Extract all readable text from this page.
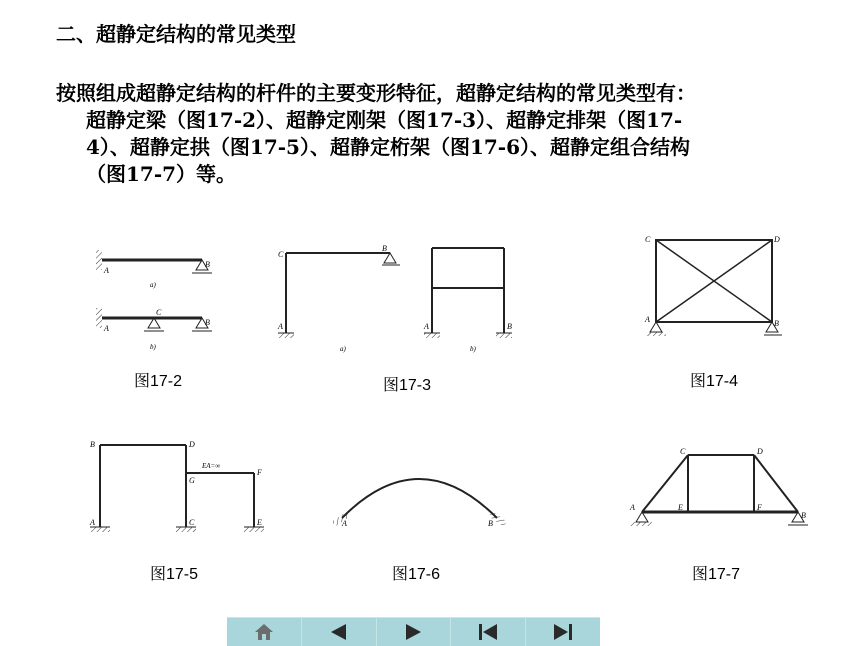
二、超静定结构的常见类型
按照组成超静定结构的杆件的主要变形特征，超静定结构的常见类型有：
超静定梁（图17-2）、超静定刚架（图17-3）、超静定排架（图17-
4）、超静定拱（图17-5）、超静定桁架（图17-6）、超静定组合结构
（图17-7）等。
A
B
a)
A
C
B
b)
图17-2
C
B
A
a)
A	B
b)
图17-3
C	D
A	B
图17-4
B	D
G
F
EA=∞
A	C	E
图17-5
A	B
图17-6
C	D
A	E	F
B
图17-7
